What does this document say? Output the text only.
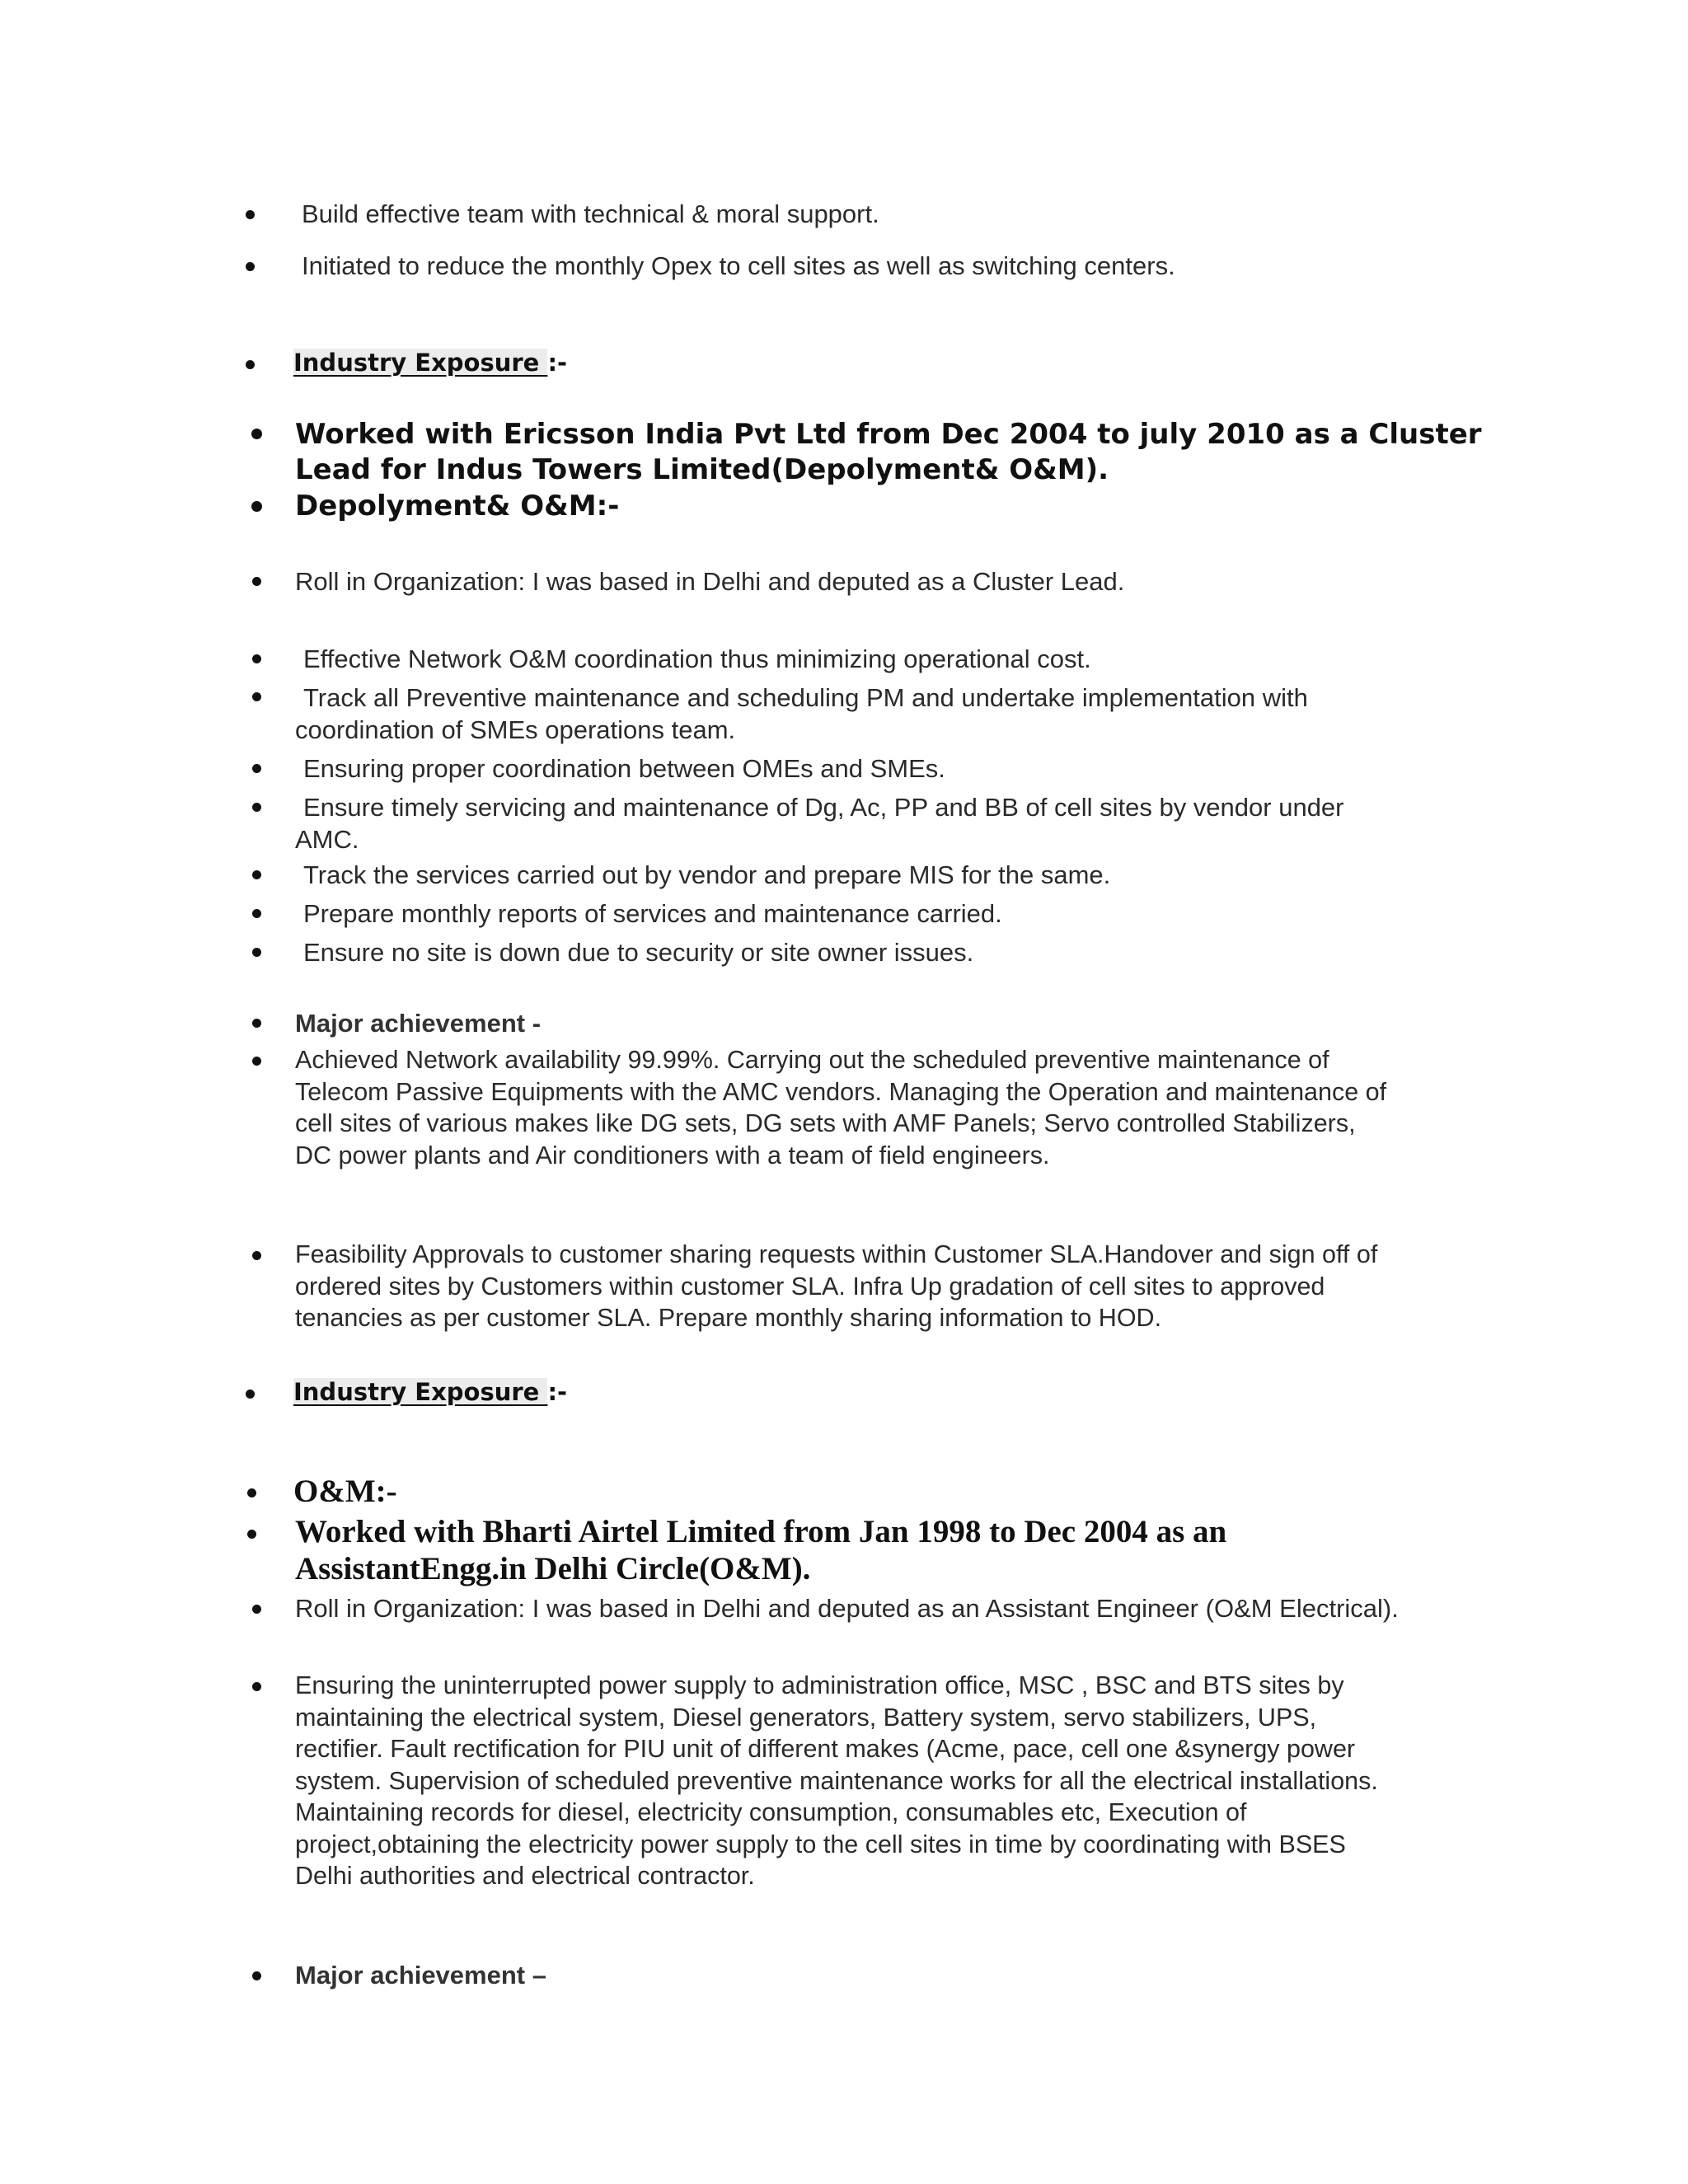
Build effective team with technical & moral support.
Initiated to reduce the monthly Opex to cell sites as well as switching centers.
Industry Exposure :-
Worked with Ericsson India Pvt Ltd from Dec 2004 to july 2010 as a Cluster
Lead for Indus Towers Limited(Depolyment& O&M).
Depolyment& O&M:-
Roll in Organization: I was based in Delhi and deputed as a Cluster Lead.
Effective Network O&M coordination thus minimizing operational cost.
Track all Preventive maintenance and scheduling PM and undertake implementation with
coordination of SMEs operations team.
Ensuring proper coordination between OMEs and SMEs.
Ensure timely servicing and maintenance of Dg, Ac, PP and BB of cell sites by vendor under
AMC.
Track the services carried out by vendor and prepare MIS for the same.
Prepare monthly reports of services and maintenance carried.
Ensure no site is down due to security or site owner issues.
Major achievement -
Achieved Network availability 99.99%. Carrying out the scheduled preventive maintenance of
Telecom Passive Equipments with the AMC vendors. Managing the Operation and maintenance of
cell sites of various makes like DG sets, DG sets with AMF Panels; Servo controlled Stabilizers,
DC power plants and Air conditioners with a team of field engineers.
Feasibility Approvals to customer sharing requests within Customer SLA.Handover and sign off of
ordered sites by Customers within customer SLA. Infra Up gradation of cell sites to approved
tenancies as per customer SLA. Prepare monthly sharing information to HOD.
Industry Exposure :-
O&M:-
Worked with Bharti Airtel Limited from Jan 1998 to Dec 2004 as an
AssistantEngg.in Delhi Circle(O&M).
Roll in Organization: I was based in Delhi and deputed as an Assistant Engineer (O&M Electrical).
Ensuring the uninterrupted power supply to administration office, MSC , BSC and BTS sites by
maintaining the electrical system, Diesel generators, Battery system, servo stabilizers, UPS,
rectifier. Fault rectification for PIU unit of different makes (Acme, pace, cell one &synergy power
system. Supervision of scheduled preventive maintenance works for all the electrical installations.
Maintaining records for diesel, electricity consumption, consumables etc, Execution of
project,obtaining the electricity power supply to the cell sites in time by coordinating with BSES
Delhi authorities and electrical contractor.
Major achievement –
